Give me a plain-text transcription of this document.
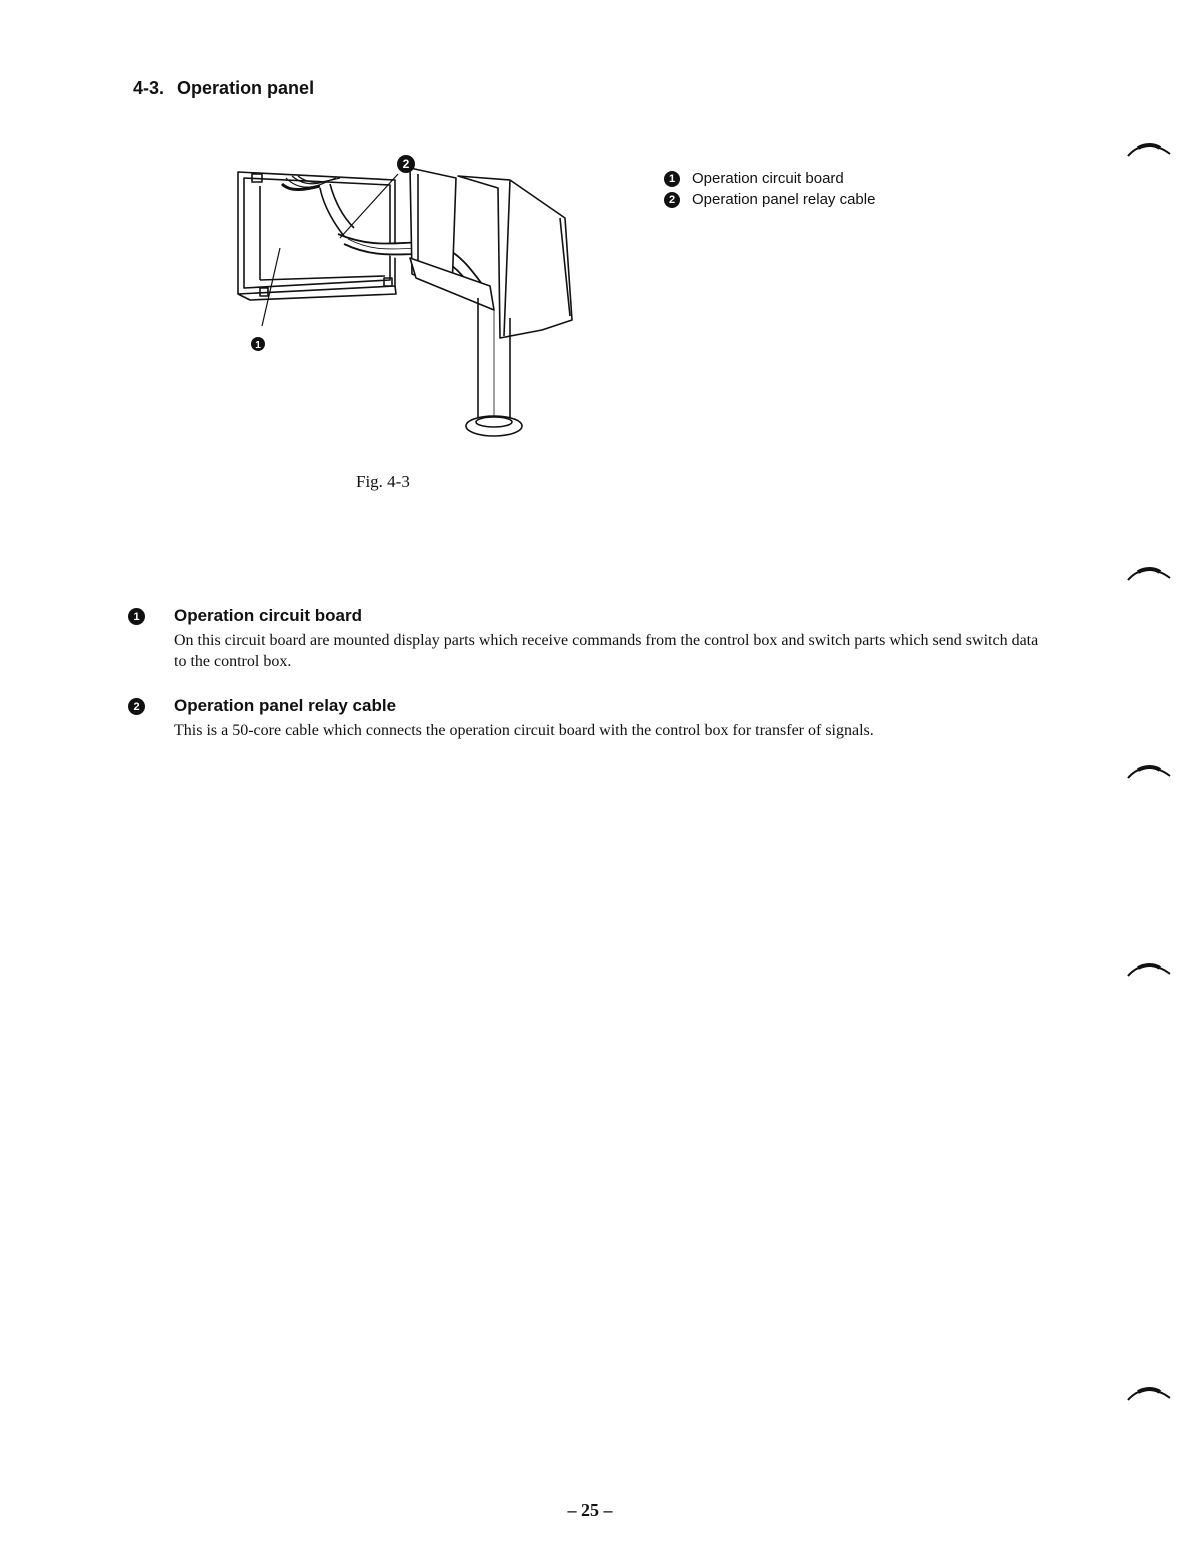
4-3. Operation panel
1
2
Fig. 4-3
1	Operation circuit board
2	Operation panel relay cable
1	Operation circuit board
On this circuit board are mounted display parts which receive commands from the control box and switch parts which send switch data to the control box.
2	Operation panel relay cable
This is a 50-core cable which connects the operation circuit board with the control box for transfer of signals.
– 25 –
